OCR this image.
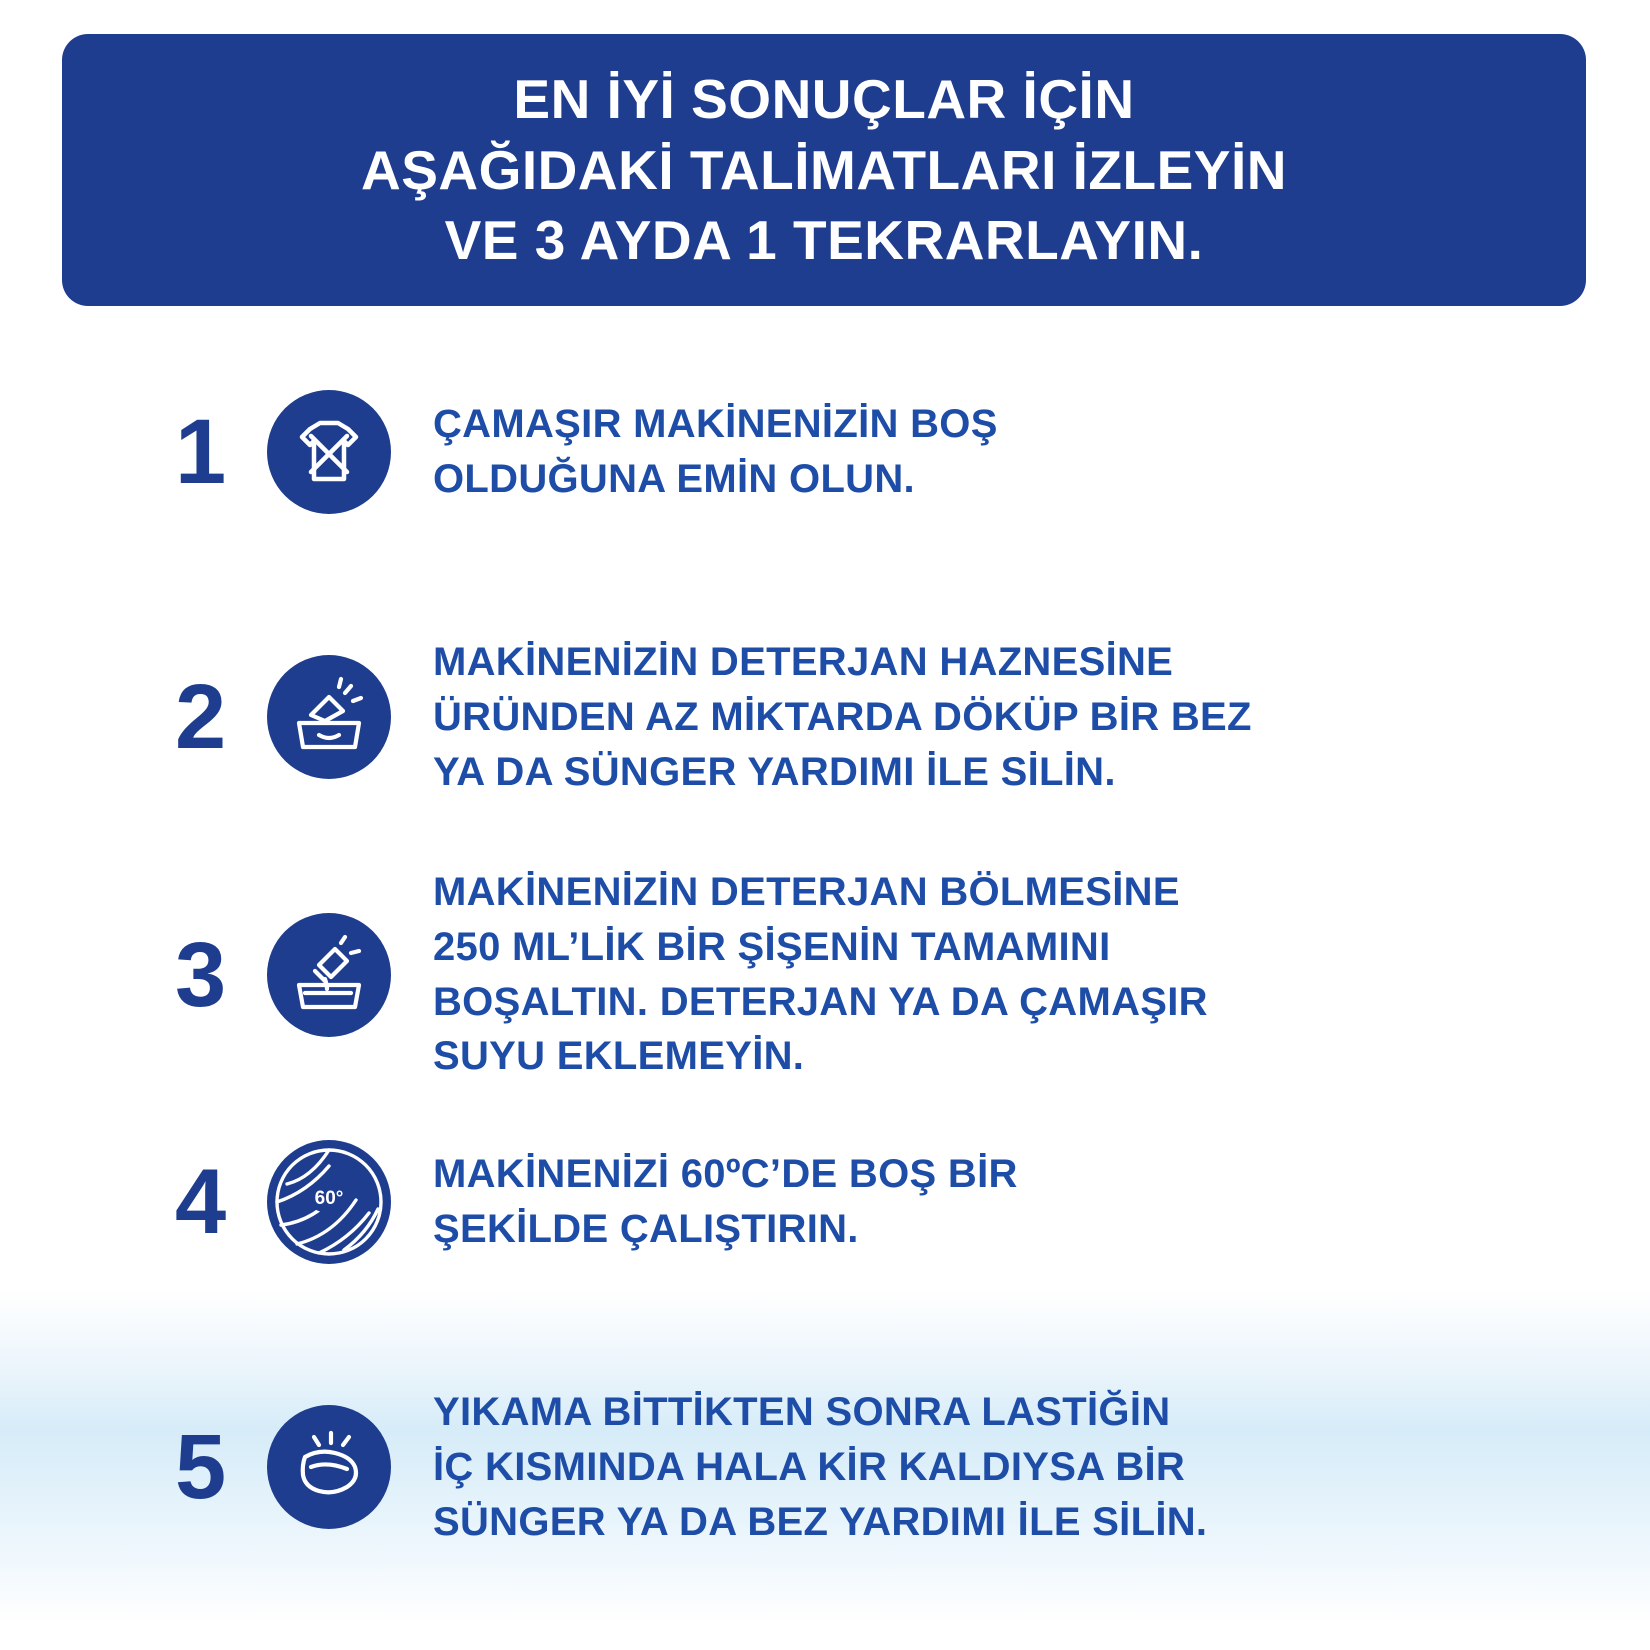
EN İYİ SONUÇLAR İÇİN
AŞAĞIDAKİ TALİMATLARI İZLEYİN
VE 3 AYDA 1 TEKRARLAYIN.
1	ÇAMAŞIR MAKİNENİZİN BOŞ
OLDUĞUNA EMİN OLUN.
2
MAKİNENİZİN DETERJAN HAZNESİNE
ÜRÜNDEN AZ MİKTARDA DÖKÜP BİR BEZ
YA DA SÜNGER YARDIMI İLE SİLİN.
3
MAKİNENİZİN DETERJAN BÖLMESİNE
250 ML’LİK BİR ŞİŞENİN TAMAMINI
BOŞALTIN. DETERJAN YA DA ÇAMAŞIR
SUYU EKLEMEYİN.
4	60°
MAKİNENİZİ 60ºC’DE BOŞ BİR
ŞEKİLDE ÇALIŞTIRIN.
5
YIKAMA BİTTİKTEN SONRA LASTİĞİN
İÇ KISMINDA HALA KİR KALDIYSA BİR
SÜNGER YA DA BEZ YARDIMI İLE SİLİN.
